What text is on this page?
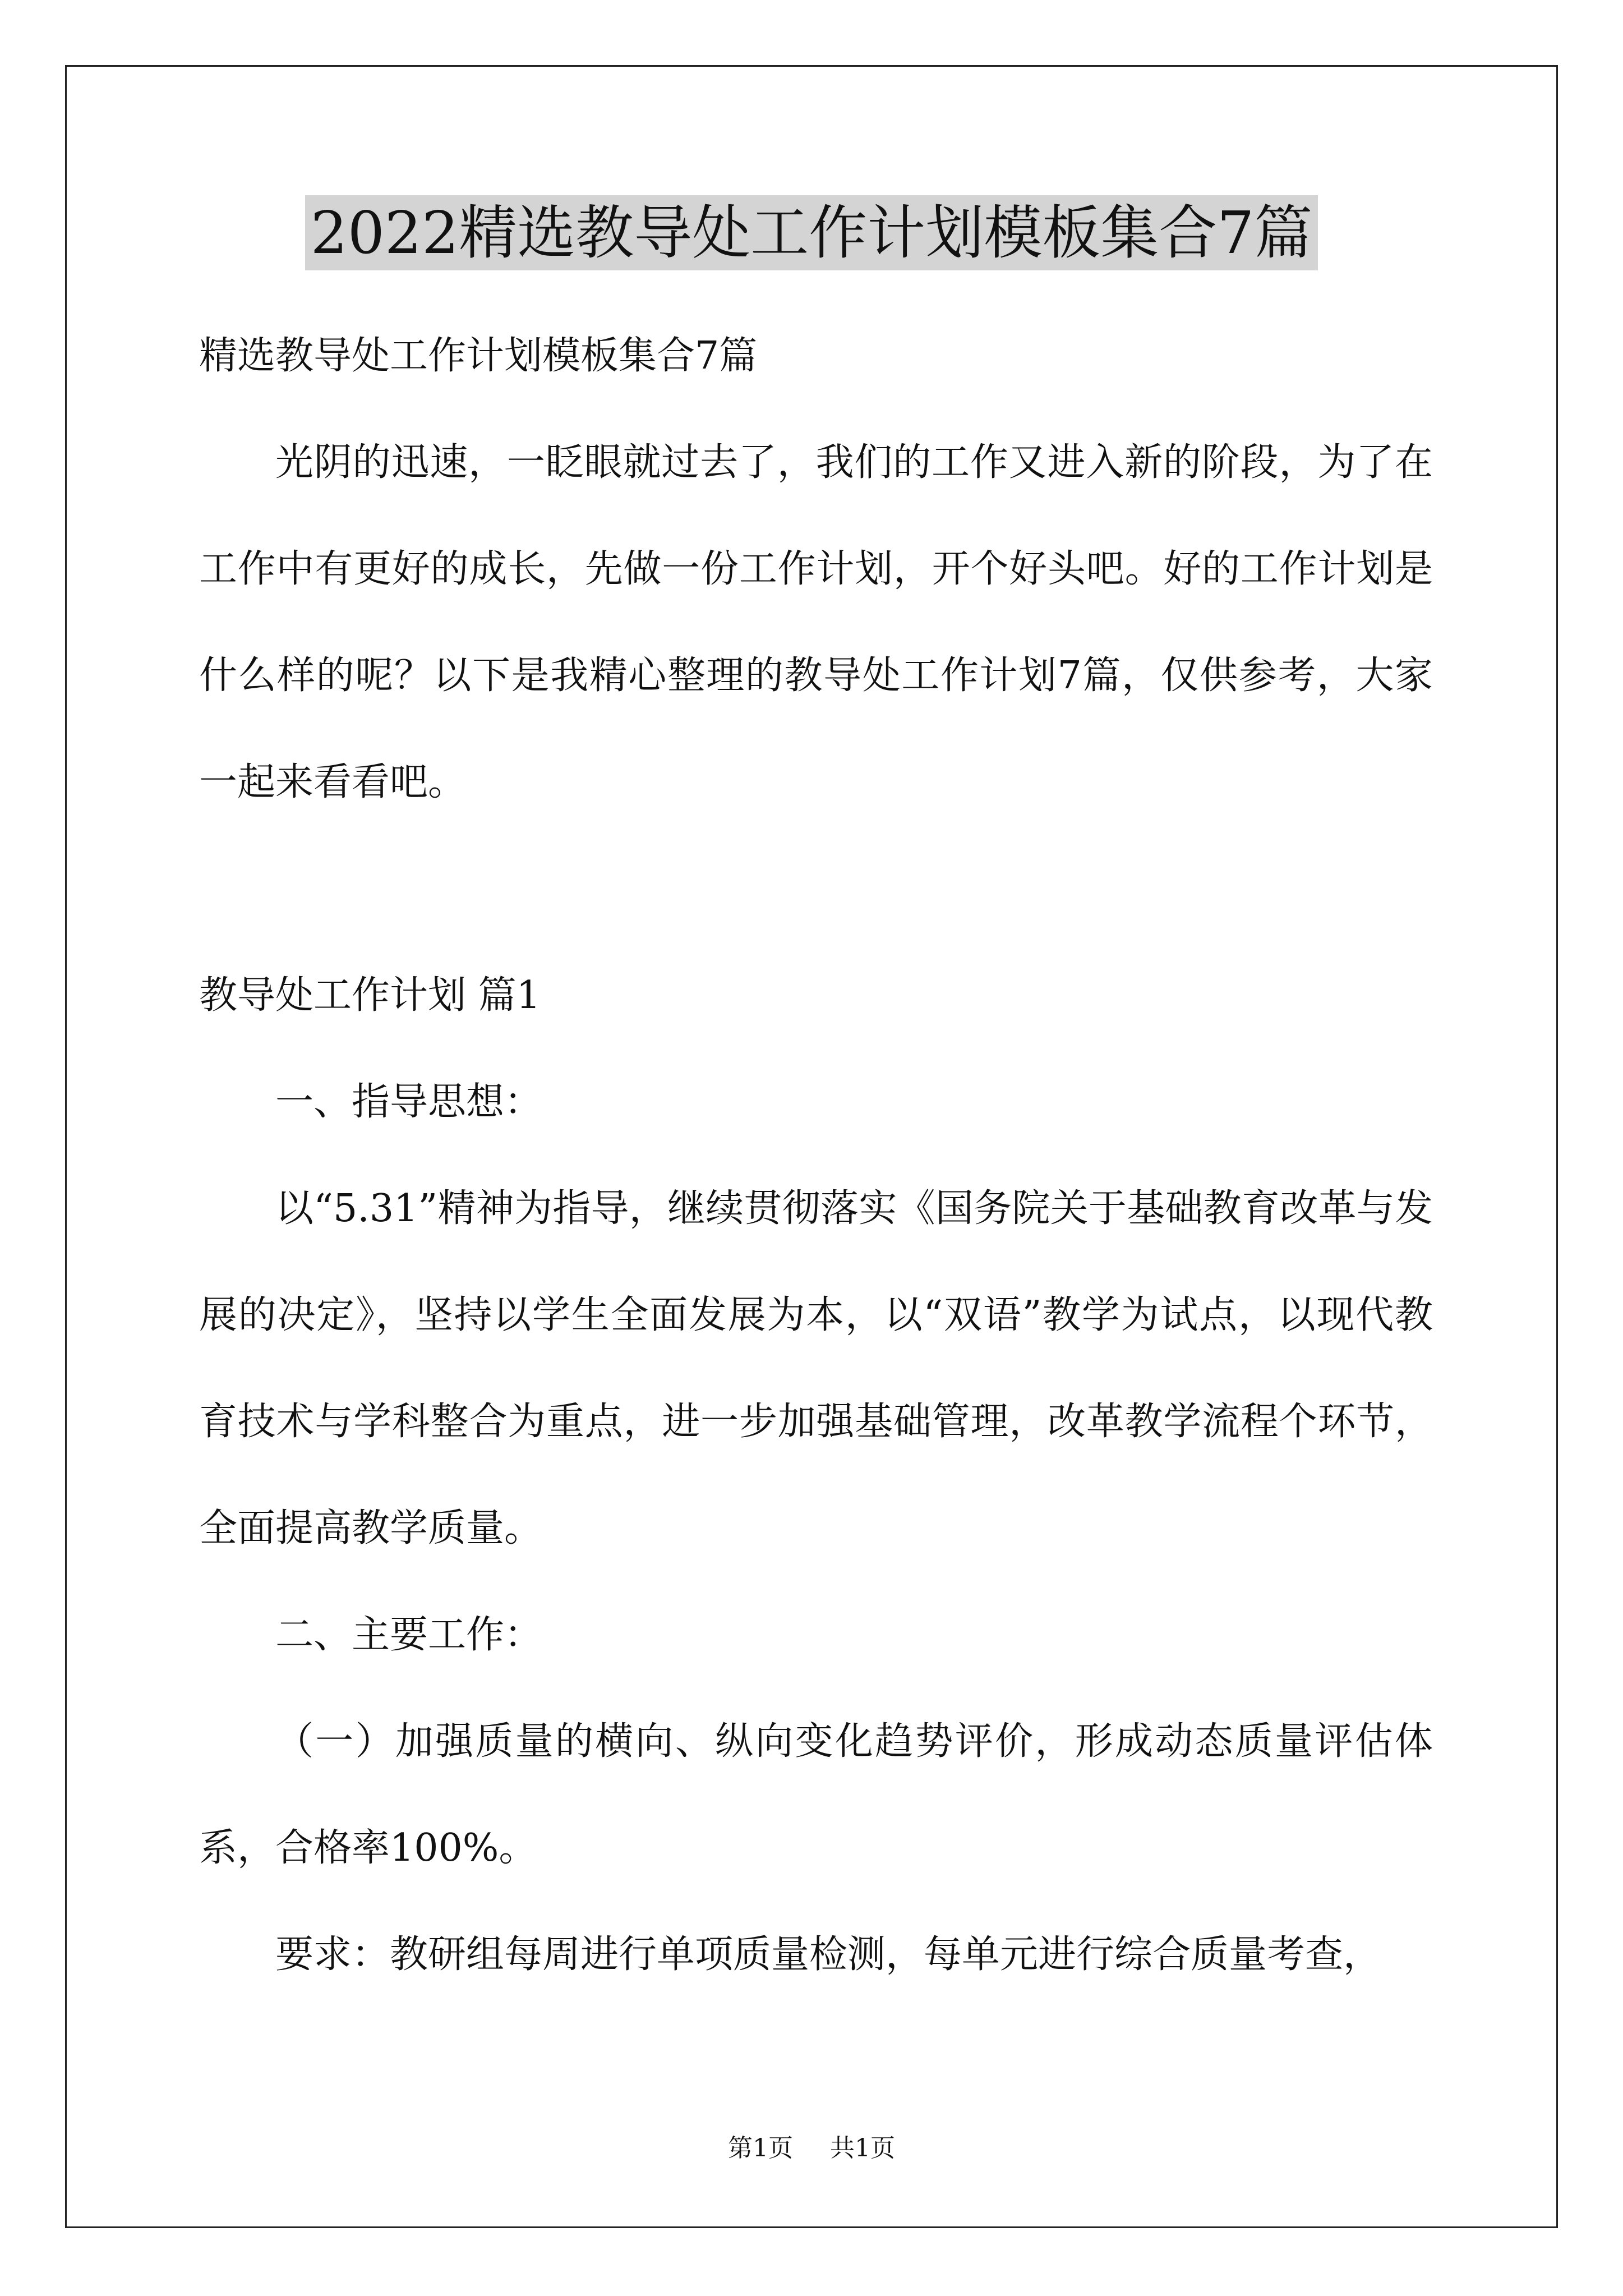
2022精选教导处工作计划模板集合7篇

精选教导处工作计划模板集合7篇

光阴的迅速，一眨眼就过去了，我们的工作又进入新的阶段，为了在工作中有更好的成长，先做一份工作计划，开个好头吧。好的工作计划是什么样的呢？以下是我精心整理的教导处工作计划7篇，仅供参考，大家一起来看看吧。

教导处工作计划 篇1

一、指导思想：

以“5.31”精神为指导，继续贯彻落实《国务院关于基础教育改革与发展的决定》，坚持以学生全面发展为本，以“双语”教学为试点，以现代教育技术与学科整合为重点，进一步加强基础管理，改革教学流程个环节，全面提高教学质量。

二、主要工作：

（一）加强质量的横向、纵向变化趋势评价，形成动态质量评估体系，合格率100%。

要求：教研组每周进行单项质量检测，每单元进行综合质量考查，

第1页 共1页
